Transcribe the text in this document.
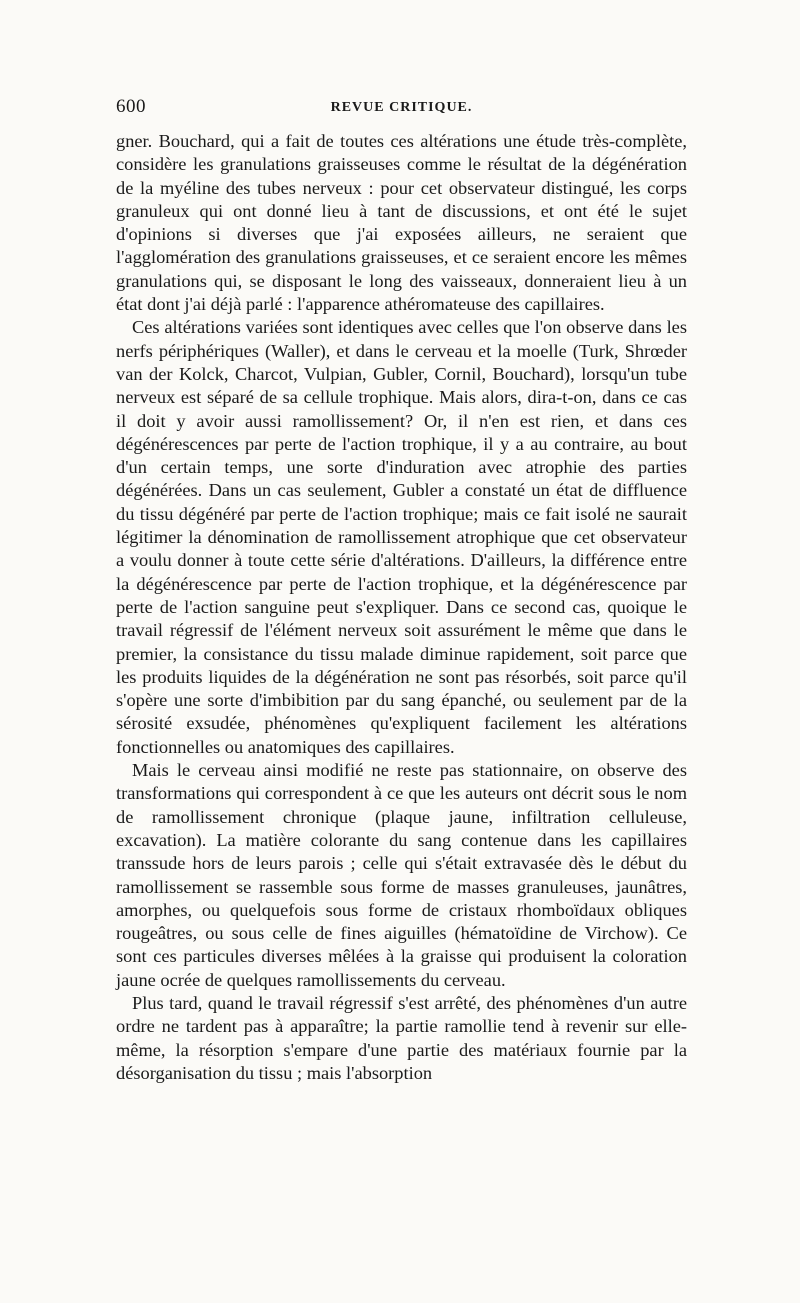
600	REVUE CRITIQUE.

gner. Bouchard, qui a fait de toutes ces altérations une étude très-complète, considère les granulations graisseuses comme le résultat de la dégénération de la myéline des tubes nerveux : pour cet observateur distingué, les corps granuleux qui ont donné lieu à tant de discussions, et ont été le sujet d'opinions si diverses que j'ai exposées ailleurs, ne seraient que l'agglomération des granulations graisseuses, et ce seraient encore les mêmes granulations qui, se disposant le long des vaisseaux, donneraient lieu à un état dont j'ai déjà parlé : l'apparence athéromateuse des capillaires.

Ces altérations variées sont identiques avec celles que l'on observe dans les nerfs périphériques (Waller), et dans le cerveau et la moelle (Turk, Shrœder van der Kolck, Charcot, Vulpian, Gubler, Cornil, Bouchard), lorsqu'un tube nerveux est séparé de sa cellule trophique. Mais alors, dira-t-on, dans ce cas il doit y avoir aussi ramollissement? Or, il n'en est rien, et dans ces dégénérescences par perte de l'action trophique, il y a au contraire, au bout d'un certain temps, une sorte d'induration avec atrophie des parties dégénérées. Dans un cas seulement, Gubler a constaté un état de diffluence du tissu dégénéré par perte de l'action trophique; mais ce fait isolé ne saurait légitimer la dénomination de ramollissement atrophique que cet observateur a voulu donner à toute cette série d'altérations. D'ailleurs, la différence entre la dégénérescence par perte de l'action trophique, et la dégénérescence par perte de l'action sanguine peut s'expliquer. Dans ce second cas, quoique le travail régressif de l'élément nerveux soit assurément le même que dans le premier, la consistance du tissu malade diminue rapidement, soit parce que les produits liquides de la dégénération ne sont pas résorbés, soit parce qu'il s'opère une sorte d'imbibition par du sang épanché, ou seulement par de la sérosité exsudée, phénomènes qu'expliquent facilement les altérations fonctionnelles ou anatomiques des capillaires.

Mais le cerveau ainsi modifié ne reste pas stationnaire, on observe des transformations qui correspondent à ce que les auteurs ont décrit sous le nom de ramollissement chronique (plaque jaune, infiltration celluleuse, excavation). La matière colorante du sang contenue dans les capillaires transsude hors de leurs parois ; celle qui s'était extravasée dès le début du ramollissement se rassemble sous forme de masses granuleuses, jaunâtres, amorphes, ou quelquefois sous forme de cristaux rhomboïdaux obliques rougeâtres, ou sous celle de fines aiguilles (hématoïdine de Virchow). Ce sont ces particules diverses mêlées à la graisse qui produisent la coloration jaune ocrée de quelques ramollissements du cerveau.

Plus tard, quand le travail régressif s'est arrêté, des phénomènes d'un autre ordre ne tardent pas à apparaître; la partie ramollie tend à revenir sur elle-même, la résorption s'empare d'une partie des matériaux fournie par la désorganisation du tissu ; mais l'absorption
